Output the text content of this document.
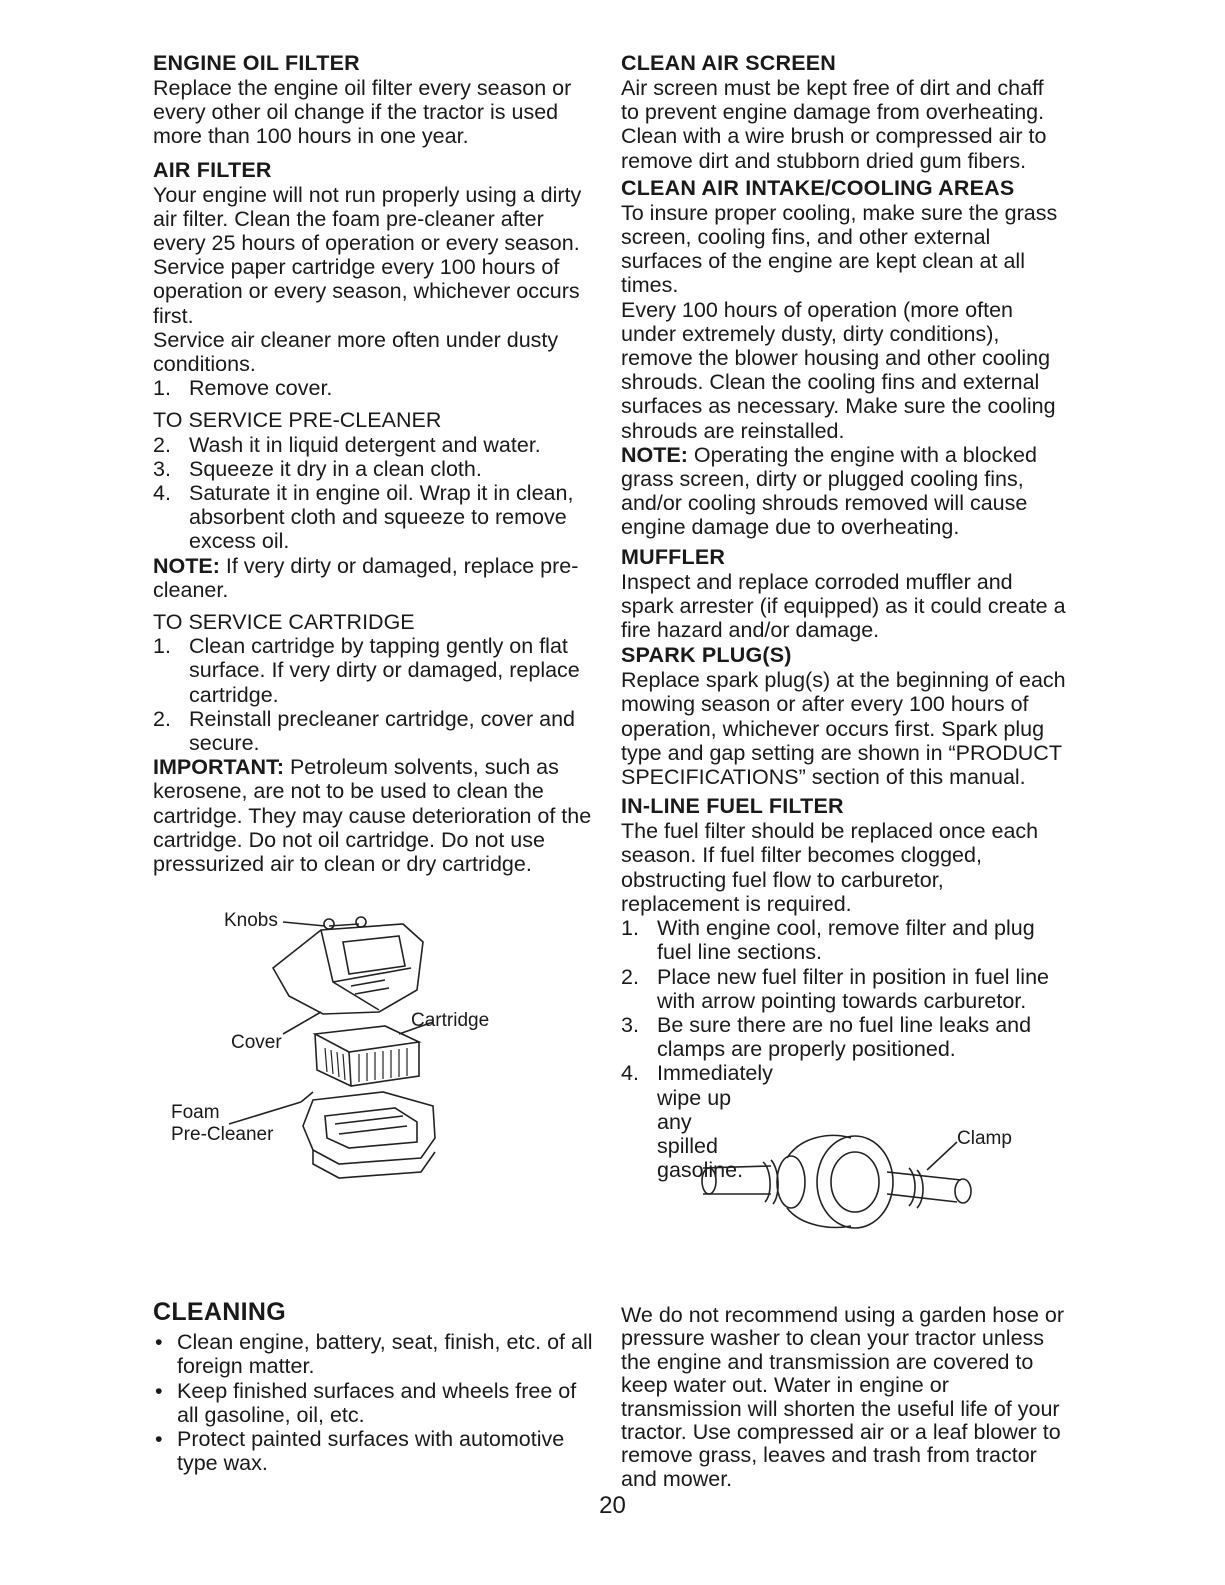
ENGINE OIL FILTER

Replace the engine oil filter every season or every other oil change if the tractor is used more than 100 hours in one year.

AIR FILTER

Your engine will not run properly using a dirty air filter. Clean the foam pre-cleaner after every 25 hours of operation or every season. Service paper cartridge every 100 hours of operation or every season, whichever occurs first.

Service air cleaner more often under dusty conditions.

1. Remove cover.

TO SERVICE PRE-CLEANER

2. Wash it in liquid detergent and water.
3. Squeeze it dry in a clean cloth.
4. Saturate it in engine oil. Wrap it in clean, absorbent cloth and squeeze to remove excess oil.

NOTE: If very dirty or damaged, replace pre-cleaner.

TO SERVICE CARTRIDGE

1. Clean cartridge by tapping gently on flat surface. If very dirty or damaged, replace cartridge.
2. Reinstall precleaner cartridge, cover and secure.

IMPORTANT: Petroleum solvents, such as kerosene, are not to be used to clean the cartridge. They may cause deterioration of the cartridge. Do not oil cartridge. Do not use pressurized air to clean or dry cartridge.

Knobs
Cover
Cartridge
Foam
Pre-Cleaner
CLEAN AIR SCREEN

Air screen must be kept free of dirt and chaff to prevent engine damage from overheating. Clean with a wire brush or compressed air to remove dirt and stubborn dried gum fibers.

CLEAN AIR INTAKE/COOLING AREAS

To insure proper cooling, make sure the grass screen, cooling fins, and other external surfaces of the engine are kept clean at all times.

Every 100 hours of operation (more often under extremely dusty, dirty conditions), remove the blower housing and other cooling shrouds. Clean the cooling fins and external surfaces as necessary. Make sure the cooling shrouds are reinstalled.

NOTE: Operating the engine with a blocked grass screen, dirty or plugged cooling fins, and/or cooling shrouds removed will cause engine damage due to overheating.

MUFFLER

Inspect and replace corroded muffler and spark arrester (if equipped) as it could create a fire hazard and/or damage.

SPARK PLUG(S)

Replace spark plug(s) at the beginning of each mowing season or after every 100 hours of operation, whichever occurs first. Spark plug type and gap setting are shown in “PRODUCT SPECIFICATIONS” section of this manual.

IN-LINE FUEL FILTER

The fuel filter should be replaced once each season. If fuel filter becomes clogged, obstructing fuel flow to carburetor, replacement is required.

1. With engine cool, remove filter and plug fuel line sections.
2. Place new fuel filter in position in fuel line with arrow pointing towards carburetor.
3. Be sure there are no fuel line leaks and clamps are properly positioned.
4. Immediately wipe up any spilled gasoline.
Clamp
CLEANING
• Clean engine, battery, seat, finish, etc. of all foreign matter.
• Keep finished surfaces and wheels free of all gasoline, oil, etc.
• Protect painted surfaces with automotive type wax.
We do not recommend using a garden hose or pressure washer to clean your tractor unless the engine and transmission are covered to keep water out. Water in engine or transmission will shorten the useful life of your tractor. Use compressed air or a leaf blower to remove grass, leaves and trash from tractor and mower.
20
